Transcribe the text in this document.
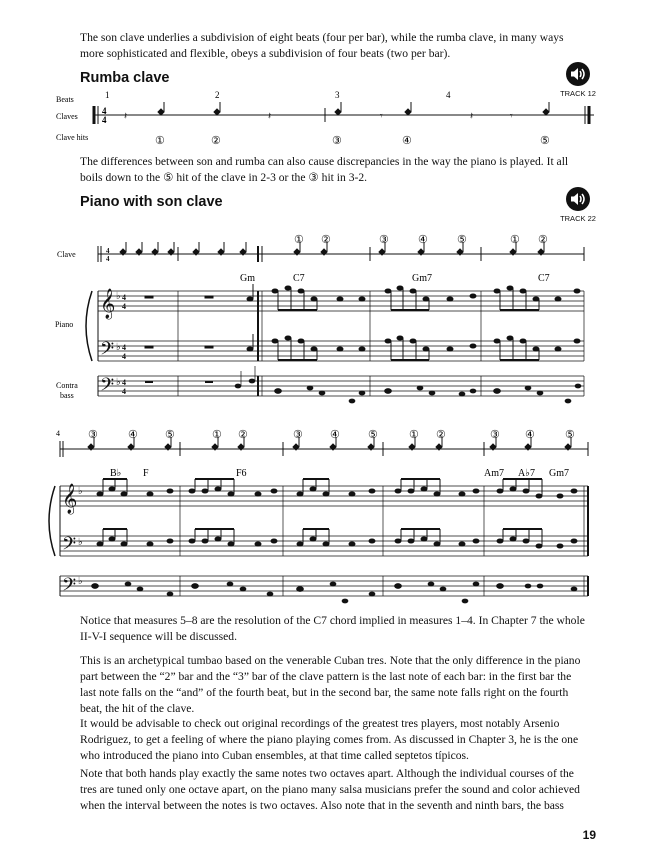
The son clave underlies a subdivision of eight beats (four per bar), while the rumba clave, in many ways more sophisticated and flexible, obeys a subdivision of four beats (two per bar).

Rumba clave
TRACK 12
Beats
Claves
Clave hits
1	2	3	4
4
4 𝄽	𝄽	𝄾	𝄽	𝄾
①	②	③	④	⑤

The differences between son and rumba can also cause discrepancies in the way the piano is played. It all boils down to the ⑤ hit of the clave in 2-3 or the ③ hit in 3-2.

Piano with son clave
TRACK 22
Clave
Piano
Contra
bass
① ②	③	④	⑤	① ②
4
4
Gm	C7	Gm7	C7
𝄞
𝄢
4
4
4
4
♭
♭
𝄢 ♭ 4
4
4	③	④ ⑤	① ②	③ ④	⑤	① ②	③ ④	⑤
B♭ F	F6	Am7 A♭7 Gm7
𝄞
𝄢
♭
♭
𝄢 ♭

Notice that measures 5–8 are the resolution of the C7 chord implied in measures 1–4. In Chapter 7 the whole II-V-I sequence will be discussed.

This is an archetypical tumbao based on the venerable Cuban tres. Note that the only difference in the piano part between the “2” bar and the “3” bar of the clave pattern is the last note of each bar: in the first bar the last note falls on the “and” of the fourth beat, but in the second bar, the same note falls right on the fourth beat, the hit of the clave.

It would be advisable to check out original recordings of the greatest tres players, most notably Arsenio Rodriguez, to get a feeling of where the piano playing comes from. As discussed in Chapter 3, he is the one who introduced the piano into Cuban ensembles, at that time called septetos típicos.

Note that both hands play exactly the same notes two octaves apart. Although the individual courses of the tres are tuned only one octave apart, on the piano many salsa musicians prefer the sound and color achieved when the interval between the notes is two octaves. Also note that in the seventh and ninth bars, the bass

19
